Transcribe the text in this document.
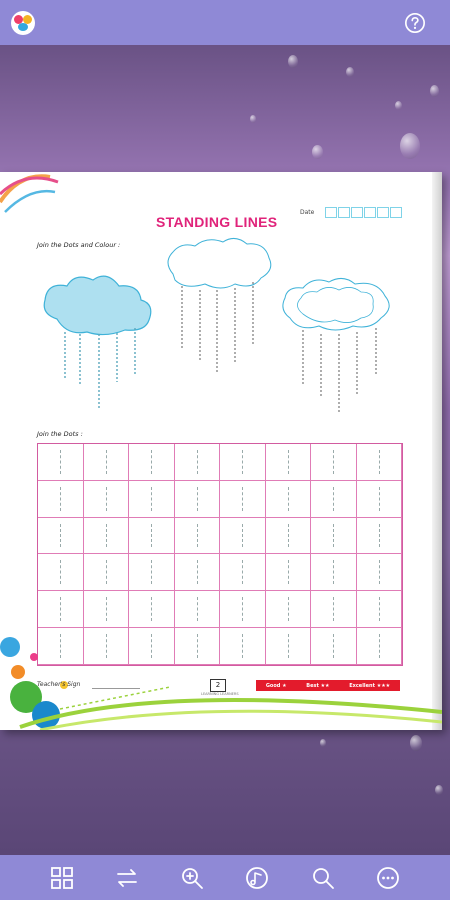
STANDING LINES
Date
Join the Dots and Colour :
Join the Dots :
Teacher's Sign	2
LEARNING LEARNERS
Good ★	Best ★★	Excellent ★★★
